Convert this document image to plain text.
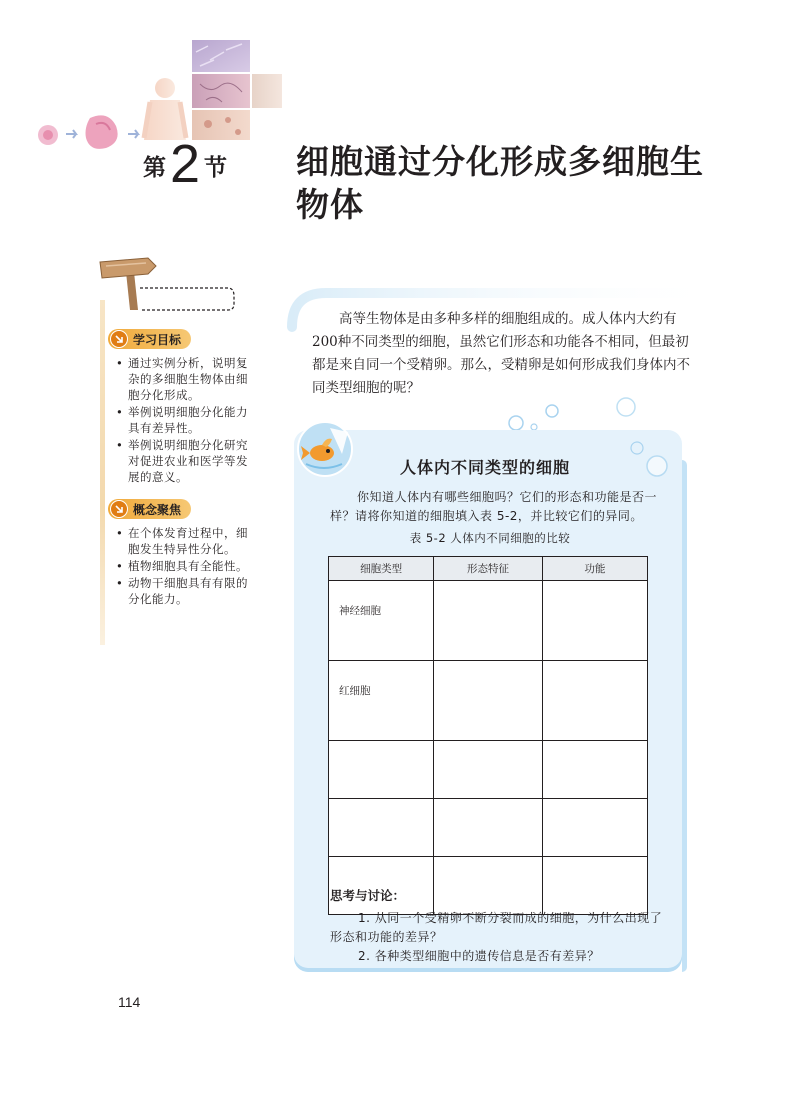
第 2 节 细胞通过分化形成多细胞生物体
学习目标
• 通过实例分析，说明复杂的多细胞生物体由细胞分化形成。
• 举例说明细胞分化能力具有差异性。
• 举例说明细胞分化研究对促进农业和医学等发展的意义。
概念聚焦
• 在个体发育过程中，细胞发生特异性分化。
• 植物细胞具有全能性。
• 动物干细胞具有有限的分化能力。

高等生物体是由多种多样的细胞组成的。成人体内大约有200种不同类型的细胞，虽然它们形态和功能各不相同，但最初都是来自同一个受精卵。那么，受精卵是如何形成我们身体内不同类型细胞的呢？

人体内不同类型的细胞

你知道人体内有哪些细胞吗？它们的形态和功能是否一样？请将你知道的细胞填入表 5-2，并比较它们的异同。

表 5-2 人体内不同细胞的比较
细胞类型	形态特征	功能
神经细胞		
红细胞		

思考与讨论：

1. 从同一个受精卵不断分裂而成的细胞，为什么出现了形态和功能的差异？

2. 各种类型细胞中的遗传信息是否有差异？

114
